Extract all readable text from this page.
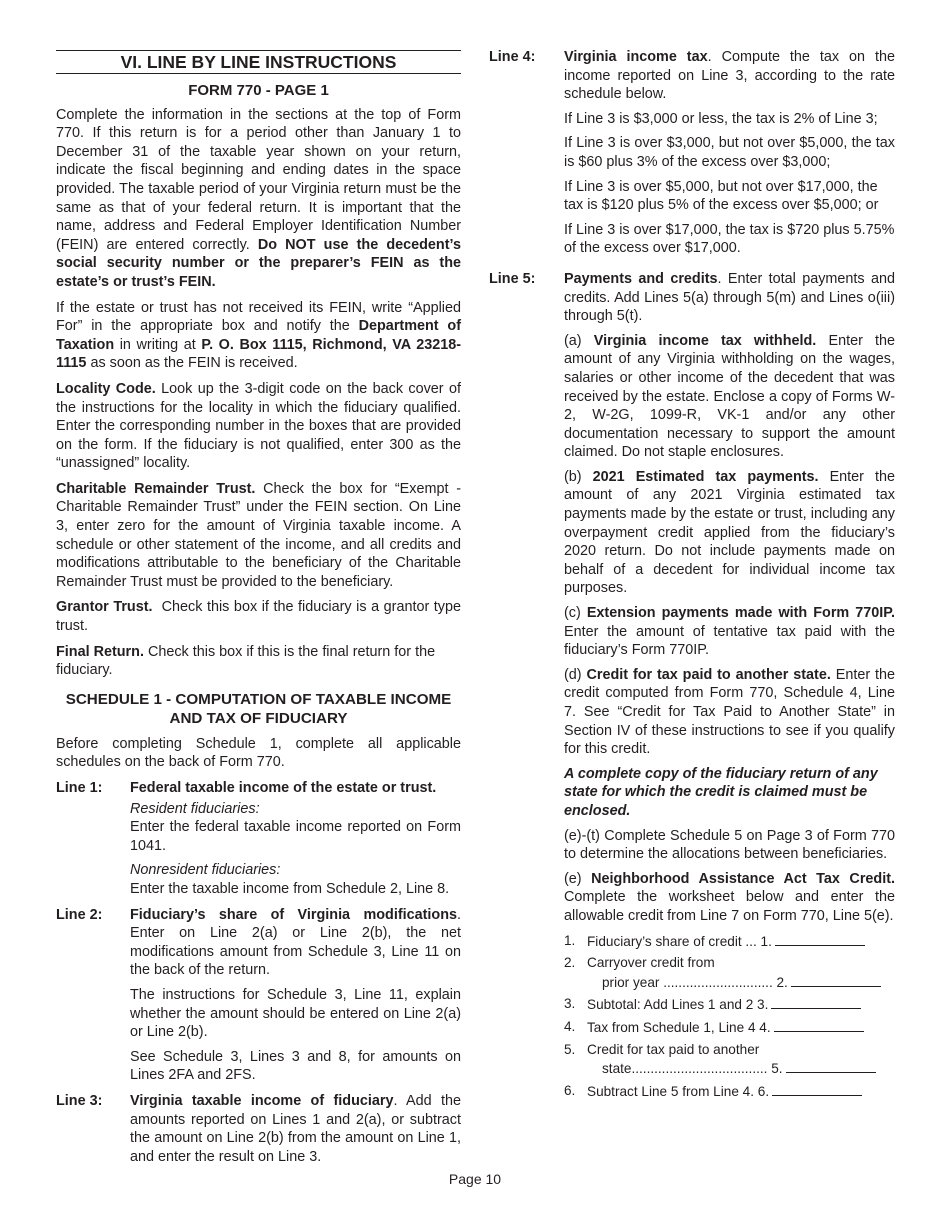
VI. LINE BY LINE INSTRUCTIONS
FORM 770 - PAGE 1

Complete the information in the sections at the top of Form 770. If this return is for a period other than January 1 to December 31 of the taxable year shown on your return, indicate the fiscal beginning and ending dates in the space provided. The taxable period of your Virginia return must be the same as that of your federal return. It is important that the name, address and Federal Employer Identification Number (FEIN) are entered correctly. Do NOT use the decedent’s social security number or the preparer’s FEIN as the estate’s or trust’s FEIN.

If the estate or trust has not received its FEIN, write “Applied For” in the appropriate box and notify the Department of Taxation in writing at P. O. Box 1115, Richmond, VA 23218-1115 as soon as the FEIN is received.

Locality Code. Look up the 3-digit code on the back cover of the instructions for the locality in which the fiduciary qualified. Enter the corresponding number in the boxes that are provided on the form. If the fiduciary is not qualified, enter 300 as the “unassigned” locality.

Charitable Remainder Trust. Check the box for “Exempt - Charitable Remainder Trust” under the FEIN section. On Line 3, enter zero for the amount of Virginia taxable income. A schedule or other statement of the income, and all credits and modifications attributable to the beneficiary of the Charitable Remainder Trust must be provided to the beneficiary.

Grantor Trust. Check this box if the fiduciary is a grantor type trust.

Final Return. Check this box if this is the final return for the fiduciary.

SCHEDULE 1 - COMPUTATION OF TAXABLE INCOME AND TAX OF FIDUCIARY

Before completing Schedule 1, complete all applicable schedules on the back of Form 770.

Line 1:	Federal taxable income of the estate or trust.

Resident fiduciaries:

Enter the federal taxable income reported on Form 1041.

Nonresident fiduciaries:

Enter the taxable income from Schedule 2, Line 8.

Line 2:	Fiduciary’s share of Virginia modifications. Enter on Line 2(a) or Line 2(b), the net modifications amount from Schedule 3, Line 11 on the back of the return.

The instructions for Schedule 3, Line 11, explain whether the amount should be entered on Line 2(a) or Line 2(b).

See Schedule 3, Lines 3 and 8, for amounts on Lines 2FA and 2FS.

Line 3:	Virginia taxable income of fiduciary. Add the amounts reported on Lines 1 and 2(a), or subtract the amount on Line 2(b) from the amount on Line 1, and enter the result on Line 3.

Line 4:	Virginia income tax. Compute the tax on the income reported on Line 3, according to the rate schedule below.

If Line 3 is $3,000 or less, the tax is 2% of Line 3;

If Line 3 is over $3,000, but not over $5,000, the tax is $60 plus 3% of the excess over $3,000;

If Line 3 is over $5,000, but not over $17,000, the tax is $120 plus 5% of the excess over $5,000; or

If Line 3 is over $17,000, the tax is $720 plus 5.75% of the excess over $17,000.

Line 5:	Payments and credits. Enter total payments and credits. Add Lines 5(a) through 5(m) and Lines o(iii) through 5(t).

(a) Virginia income tax withheld. Enter the amount of any Virginia withholding on the wages, salaries or other income of the decedent that was received by the estate. Enclose a copy of Forms W-2, W-2G, 1099-R, VK-1 and/or any other documentation necessary to support the amount claimed. Do not staple enclosures.

(b) 2021 Estimated tax payments. Enter the amount of any 2021 Virginia estimated tax payments made by the estate or trust, including any overpayment credit applied from the fiduciary’s 2020 return. Do not include payments made on behalf of a decedent for individual income tax purposes.

(c) Extension payments made with Form 770IP. Enter the amount of tentative tax paid with the fiduciary’s Form 770IP.

(d) Credit for tax paid to another state. Enter the credit computed from Form 770, Schedule 4, Line 7. See “Credit for Tax Paid to Another State” in Section IV of these instructions to see if you qualify for this credit.

A complete copy of the fiduciary return of any state for which the credit is claimed must be enclosed.

(e)-(t) Complete Schedule 5 on Page 3 of Form 770 to determine the allocations between beneficiaries.

(e) Neighborhood Assistance Act Tax Credit. Complete the worksheet below and enter the allowable credit from Line 7 on Form 770, Line 5(e).

1. Fiduciary’s share of credit ... 1.
2. Carryover credit from
prior year ............................. 2.
3. Subtotal: Add Lines 1 and 2 3.
4. Tax from Schedule 1, Line 4 4.
5. Credit for tax paid to another
state.................................... 5.
6. Subtract Line 5 from Line 4. 6.
Page 10
